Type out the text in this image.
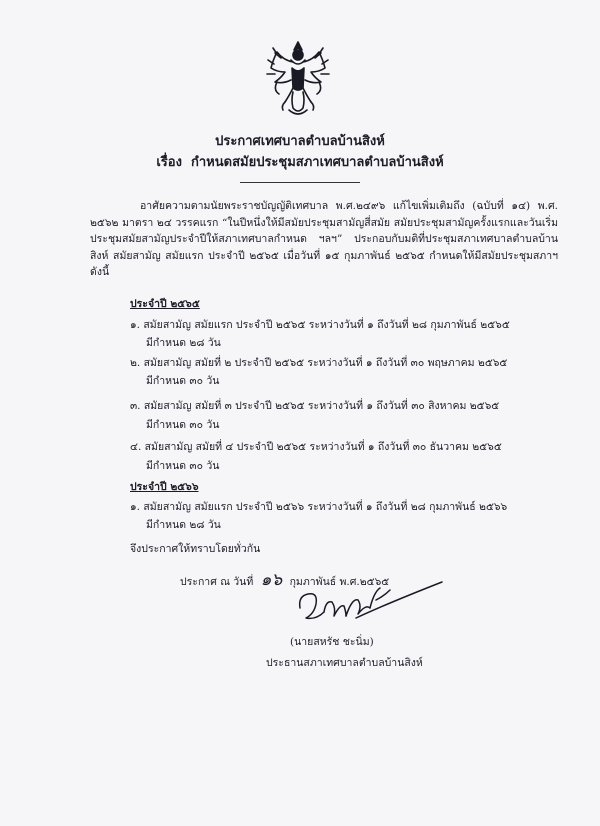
ประกาศเทศบาลตำบลบ้านสิงห์
เรื่อง กำหนดสมัยประชุมสภาเทศบาลตำบลบ้านสิงห์
อาศัยความตามนัยพระราชบัญญัติเทศบาล พ.ศ.๒๔๙๖ แก้ไขเพิ่มเติมถึง (ฉบับที่ ๑๔) พ.ศ. ๒๕๖๒ มาตรา ๒๔ วรรคแรก “ในปีหนึ่งให้มีสมัยประชุมสามัญสี่สมัย สมัยประชุมสามัญครั้งแรกและวันเริ่มประชุมสมัยสามัญประจำปีให้สภาเทศบาลกำหนด ฯลฯ” ประกอบกับมติที่ประชุมสภาเทศบาลตำบลบ้านสิงห์ สมัยสามัญ สมัยแรก ประจำปี ๒๕๖๕ เมื่อวันที่ ๑๕ กุมภาพันธ์ ๒๕๖๕ กำหนดให้มีสมัยประชุมสภาฯ ดังนี้
ประจำปี ๒๕๖๕
๑. สมัยสามัญ สมัยแรก ประจำปี ๒๕๖๕ ระหว่างวันที่ ๑ ถึงวันที่ ๒๘ กุมภาพันธ์ ๒๕๖๕
มีกำหนด ๒๘ วัน
๒. สมัยสามัญ สมัยที่ ๒ ประจำปี ๒๕๖๕ ระหว่างวันที่ ๑ ถึงวันที่ ๓๐ พฤษภาคม ๒๕๖๕
มีกำหนด ๓๐ วัน
๓. สมัยสามัญ สมัยที่ ๓ ประจำปี ๒๕๖๕ ระหว่างวันที่ ๑ ถึงวันที่ ๓๐ สิงหาคม ๒๕๖๕
มีกำหนด ๓๐ วัน
๔. สมัยสามัญ สมัยที่ ๔ ประจำปี ๒๕๖๕ ระหว่างวันที่ ๑ ถึงวันที่ ๓๐ ธันวาคม ๒๕๖๕
มีกำหนด ๓๐ วัน
ประจำปี ๒๕๖๖
๑. สมัยสามัญ สมัยแรก ประจำปี ๒๕๖๖ ระหว่างวันที่ ๑ ถึงวันที่ ๒๘ กุมภาพันธ์ ๒๕๖๖
มีกำหนด ๒๘ วัน
จึงประกาศให้ทราบโดยทั่วกัน
ประกาศ ณ วันที่ ๑๖ กุมภาพันธ์ พ.ศ.๒๕๖๕
(นายสหรัช ชะนิ่ม)
ประธานสภาเทศบาลตำบลบ้านสิงห์
